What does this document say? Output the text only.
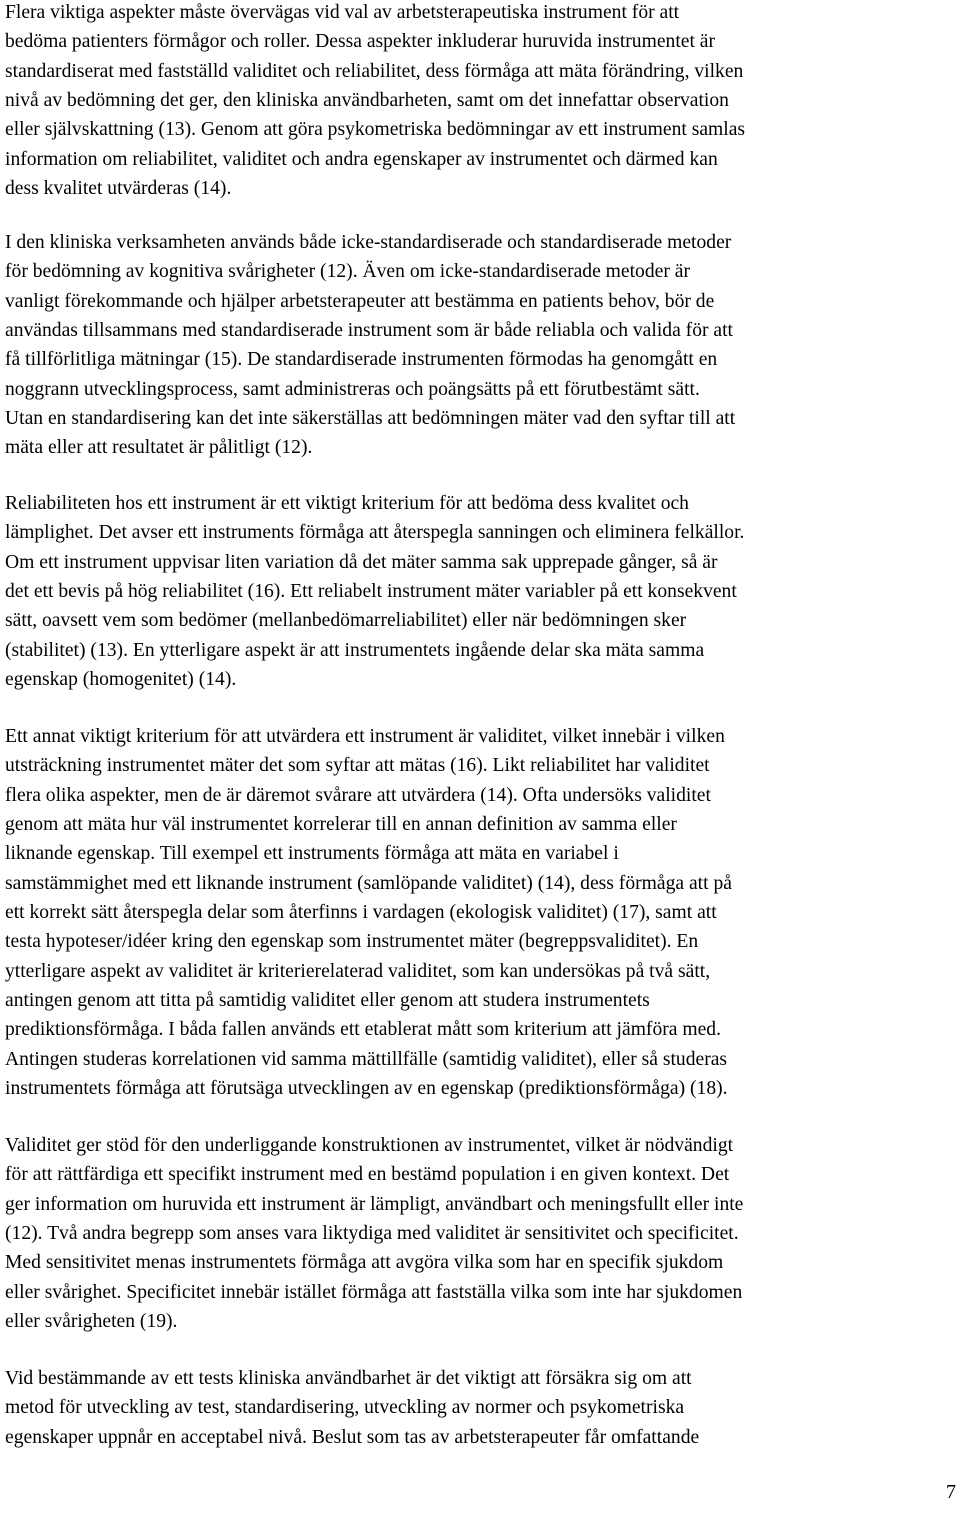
Flera viktiga aspekter måste övervägas vid val av arbetsterapeutiska instrument för att
bedöma patienters förmågor och roller. Dessa aspekter inkluderar huruvida instrumentet är
standardiserat med fastställd validitet och reliabilitet, dess förmåga att mäta förändring, vilken
nivå av bedömning det ger, den kliniska användbarheten, samt om det innefattar observation
eller självskattning (13). Genom att göra psykometriska bedömningar av ett instrument samlas
information om reliabilitet, validitet och andra egenskaper av instrumentet och därmed kan
dess kvalitet utvärderas (14).
I den kliniska verksamheten används både icke-standardiserade och standardiserade metoder
för bedömning av kognitiva svårigheter (12). Även om icke-standardiserade metoder är
vanligt förekommande och hjälper arbetsterapeuter att bestämma en patients behov, bör de
användas tillsammans med standardiserade instrument som är både reliabla och valida för att
få tillförlitliga mätningar (15). De standardiserade instrumenten förmodas ha genomgått en
noggrann utvecklingsprocess, samt administreras och poängsätts på ett förutbestämt sätt.
Utan en standardisering kan det inte säkerställas att bedömningen mäter vad den syftar till att
mäta eller att resultatet är pålitligt (12).
Reliabiliteten hos ett instrument är ett viktigt kriterium för att bedöma dess kvalitet och
lämplighet. Det avser ett instruments förmåga att återspegla sanningen och eliminera felkällor.
Om ett instrument uppvisar liten variation då det mäter samma sak upprepade gånger, så är
det ett bevis på hög reliabilitet (16). Ett reliabelt instrument mäter variabler på ett konsekvent
sätt, oavsett vem som bedömer (mellanbedömarreliabilitet) eller när bedömningen sker
(stabilitet) (13). En ytterligare aspekt är att instrumentets ingående delar ska mäta samma
egenskap (homogenitet) (14).
Ett annat viktigt kriterium för att utvärdera ett instrument är validitet, vilket innebär i vilken
utsträckning instrumentet mäter det som syftar att mätas (16). Likt reliabilitet har validitet
flera olika aspekter, men de är däremot svårare att utvärdera (14). Ofta undersöks validitet
genom att mäta hur väl instrumentet korrelerar till en annan definition av samma eller
liknande egenskap. Till exempel ett instruments förmåga att mäta en variabel i
samstämmighet med ett liknande instrument (samlöpande validitet) (14), dess förmåga att på
ett korrekt sätt återspegla delar som återfinns i vardagen (ekologisk validitet) (17), samt att
testa hypoteser/idéer kring den egenskap som instrumentet mäter (begreppsvaliditet). En
ytterligare aspekt av validitet är kriterierelaterad validitet, som kan undersökas på två sätt,
antingen genom att titta på samtidig validitet eller genom att studera instrumentets
prediktionsförmåga. I båda fallen används ett etablerat mått som kriterium att jämföra med.
Antingen studeras korrelationen vid samma mättillfälle (samtidig validitet), eller så studeras
instrumentets förmåga att förutsäga utvecklingen av en egenskap (prediktionsförmåga) (18).
Validitet ger stöd för den underliggande konstruktionen av instrumentet, vilket är nödvändigt
för att rättfärdiga ett specifikt instrument med en bestämd population i en given kontext. Det
ger information om huruvida ett instrument är lämpligt, användbart och meningsfullt eller inte
(12). Två andra begrepp som anses vara liktydiga med validitet är sensitivitet och specificitet.
Med sensitivitet menas instrumentets förmåga att avgöra vilka som har en specifik sjukdom
eller svårighet. Specificitet innebär istället förmåga att fastställa vilka som inte har sjukdomen
eller svårigheten (19).
Vid bestämmande av ett tests kliniska användbarhet är det viktigt att försäkra sig om att
metod för utveckling av test, standardisering, utveckling av normer och psykometriska
egenskaper uppnår en acceptabel nivå. Beslut som tas av arbetsterapeuter får omfattande
7
